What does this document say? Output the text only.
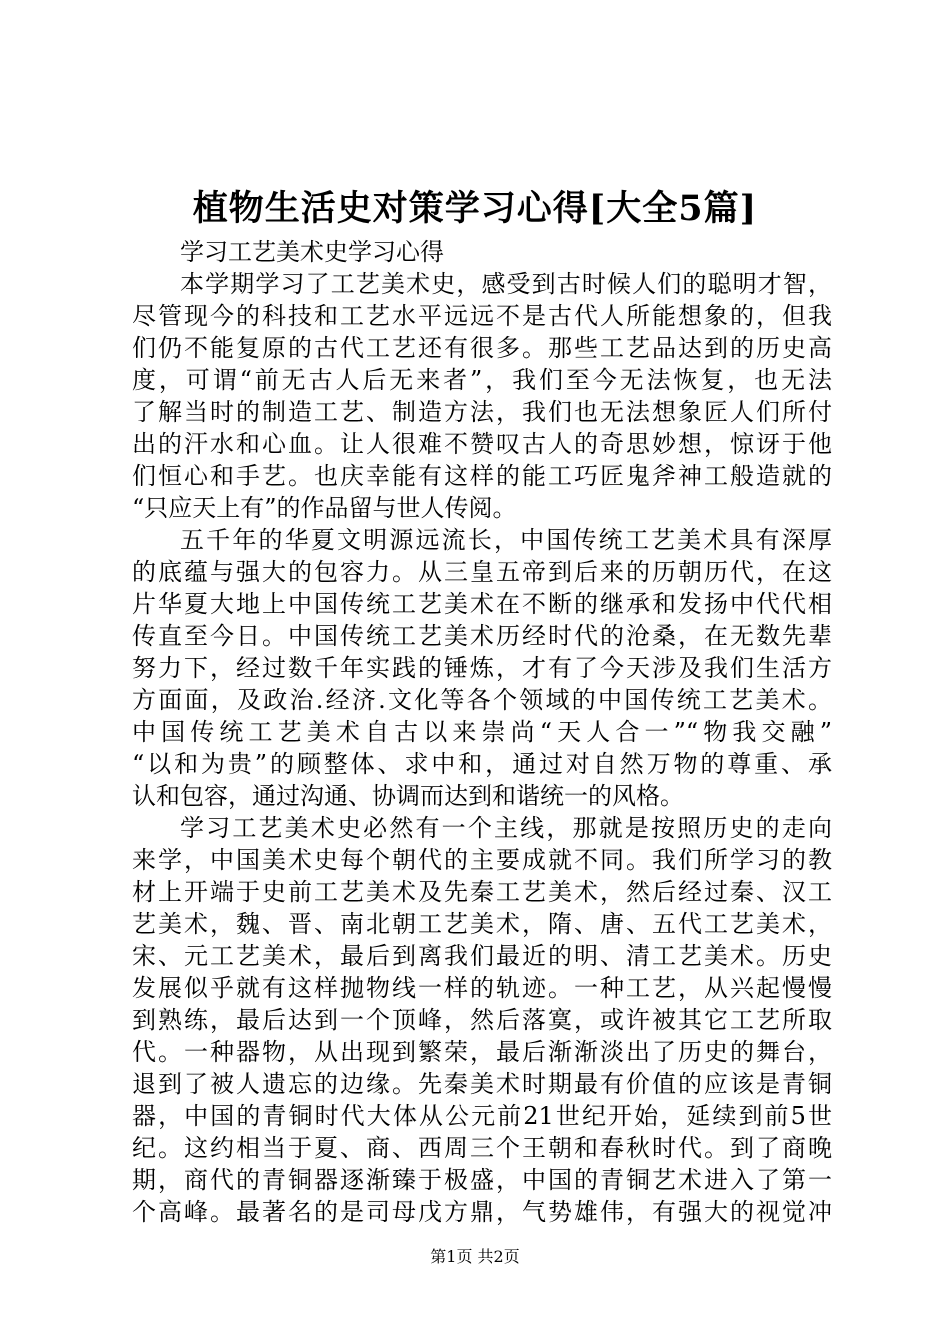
植物生活史对策学习心得[大全5篇]
学习工艺美术史学习心得
本学期学习了工艺美术史，感受到古时候人们的聪明才智，
尽管现今的科技和工艺水平远远不是古代人所能想象的，但我
们仍不能复原的古代工艺还有很多。那些工艺品达到的历史高
度，可谓“前无古人后无来者”，我们至今无法恢复，也无法
了解当时的制造工艺、制造方法，我们也无法想象匠人们所付
出的汗水和心血。让人很难不赞叹古人的奇思妙想，惊讶于他
们恒心和手艺。也庆幸能有这样的能工巧匠鬼斧神工般造就的
“只应天上有”的作品留与世人传阅。
五千年的华夏文明源远流长，中国传统工艺美术具有深厚
的底蕴与强大的包容力。从三皇五帝到后来的历朝历代，在这
片华夏大地上中国传统工艺美术在不断的继承和发扬中代代相
传直至今日。中国传统工艺美术历经时代的沧桑，在无数先辈
努力下，经过数千年实践的锤炼，才有了今天涉及我们生活方
方面面，及政治.经济.文化等各个领域的中国传统工艺美术。
中国传统工艺美术自古以来崇尚“天人合一”“物我交融”
“以和为贵”的顾整体、求中和，通过对自然万物的尊重、承
认和包容，通过沟通、协调而达到和谐统一的风格。
学习工艺美术史必然有一个主线，那就是按照历史的走向
来学，中国美术史每个朝代的主要成就不同。我们所学习的教
材上开端于史前工艺美术及先秦工艺美术，然后经过秦、汉工
艺美术，魏、晋、南北朝工艺美术，隋、唐、五代工艺美术，
宋、元工艺美术，最后到离我们最近的明、清工艺美术。历史
发展似乎就有这样抛物线一样的轨迹。一种工艺，从兴起慢慢
到熟练，最后达到一个顶峰，然后落寞，或许被其它工艺所取
代。一种器物，从出现到繁荣，最后渐渐淡出了历史的舞台，
退到了被人遗忘的边缘。先秦美术时期最有价值的应该是青铜
器，中国的青铜时代大体从公元前21世纪开始，延续到前5世
纪。这约相当于夏、商、西周三个王朝和春秋时代。到了商晚
期，商代的青铜器逐渐臻于极盛，中国的青铜艺术进入了第一
个高峰。最著名的是司母戊方鼎，气势雄伟，有强大的视觉冲
第1页 共2页
